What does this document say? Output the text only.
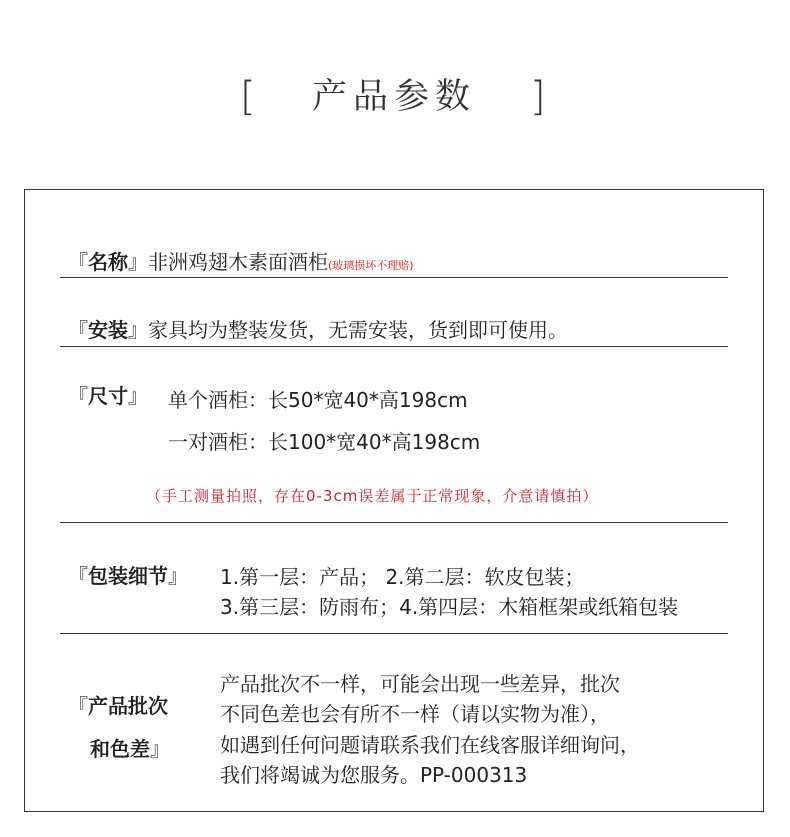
[ 产品参数 ]
『名称』非洲鸡翅木素面酒柜(玻璃损坏不理赔)
『安装』家具均为整装发货，无需安装，货到即可使用。
『尺寸』 单个酒柜：长50*宽40*高198cm
一对酒柜：长100*宽40*高198cm
（手工测量拍照，存在0-3cm误差属于正常现象，介意请慎拍）
『包装细节』 1.第一层：产品； 2.第二层：软皮包装；
3.第三层：防雨布；4.第四层：木箱框架或纸箱包装
『产品批次
和色差』
产品批次不一样，可能会出现一些差异，批次
不同色差也会有所不一样（请以实物为准），
如遇到任何问题请联系我们在线客服详细询问，
我们将竭诚为您服务。PP-000313
